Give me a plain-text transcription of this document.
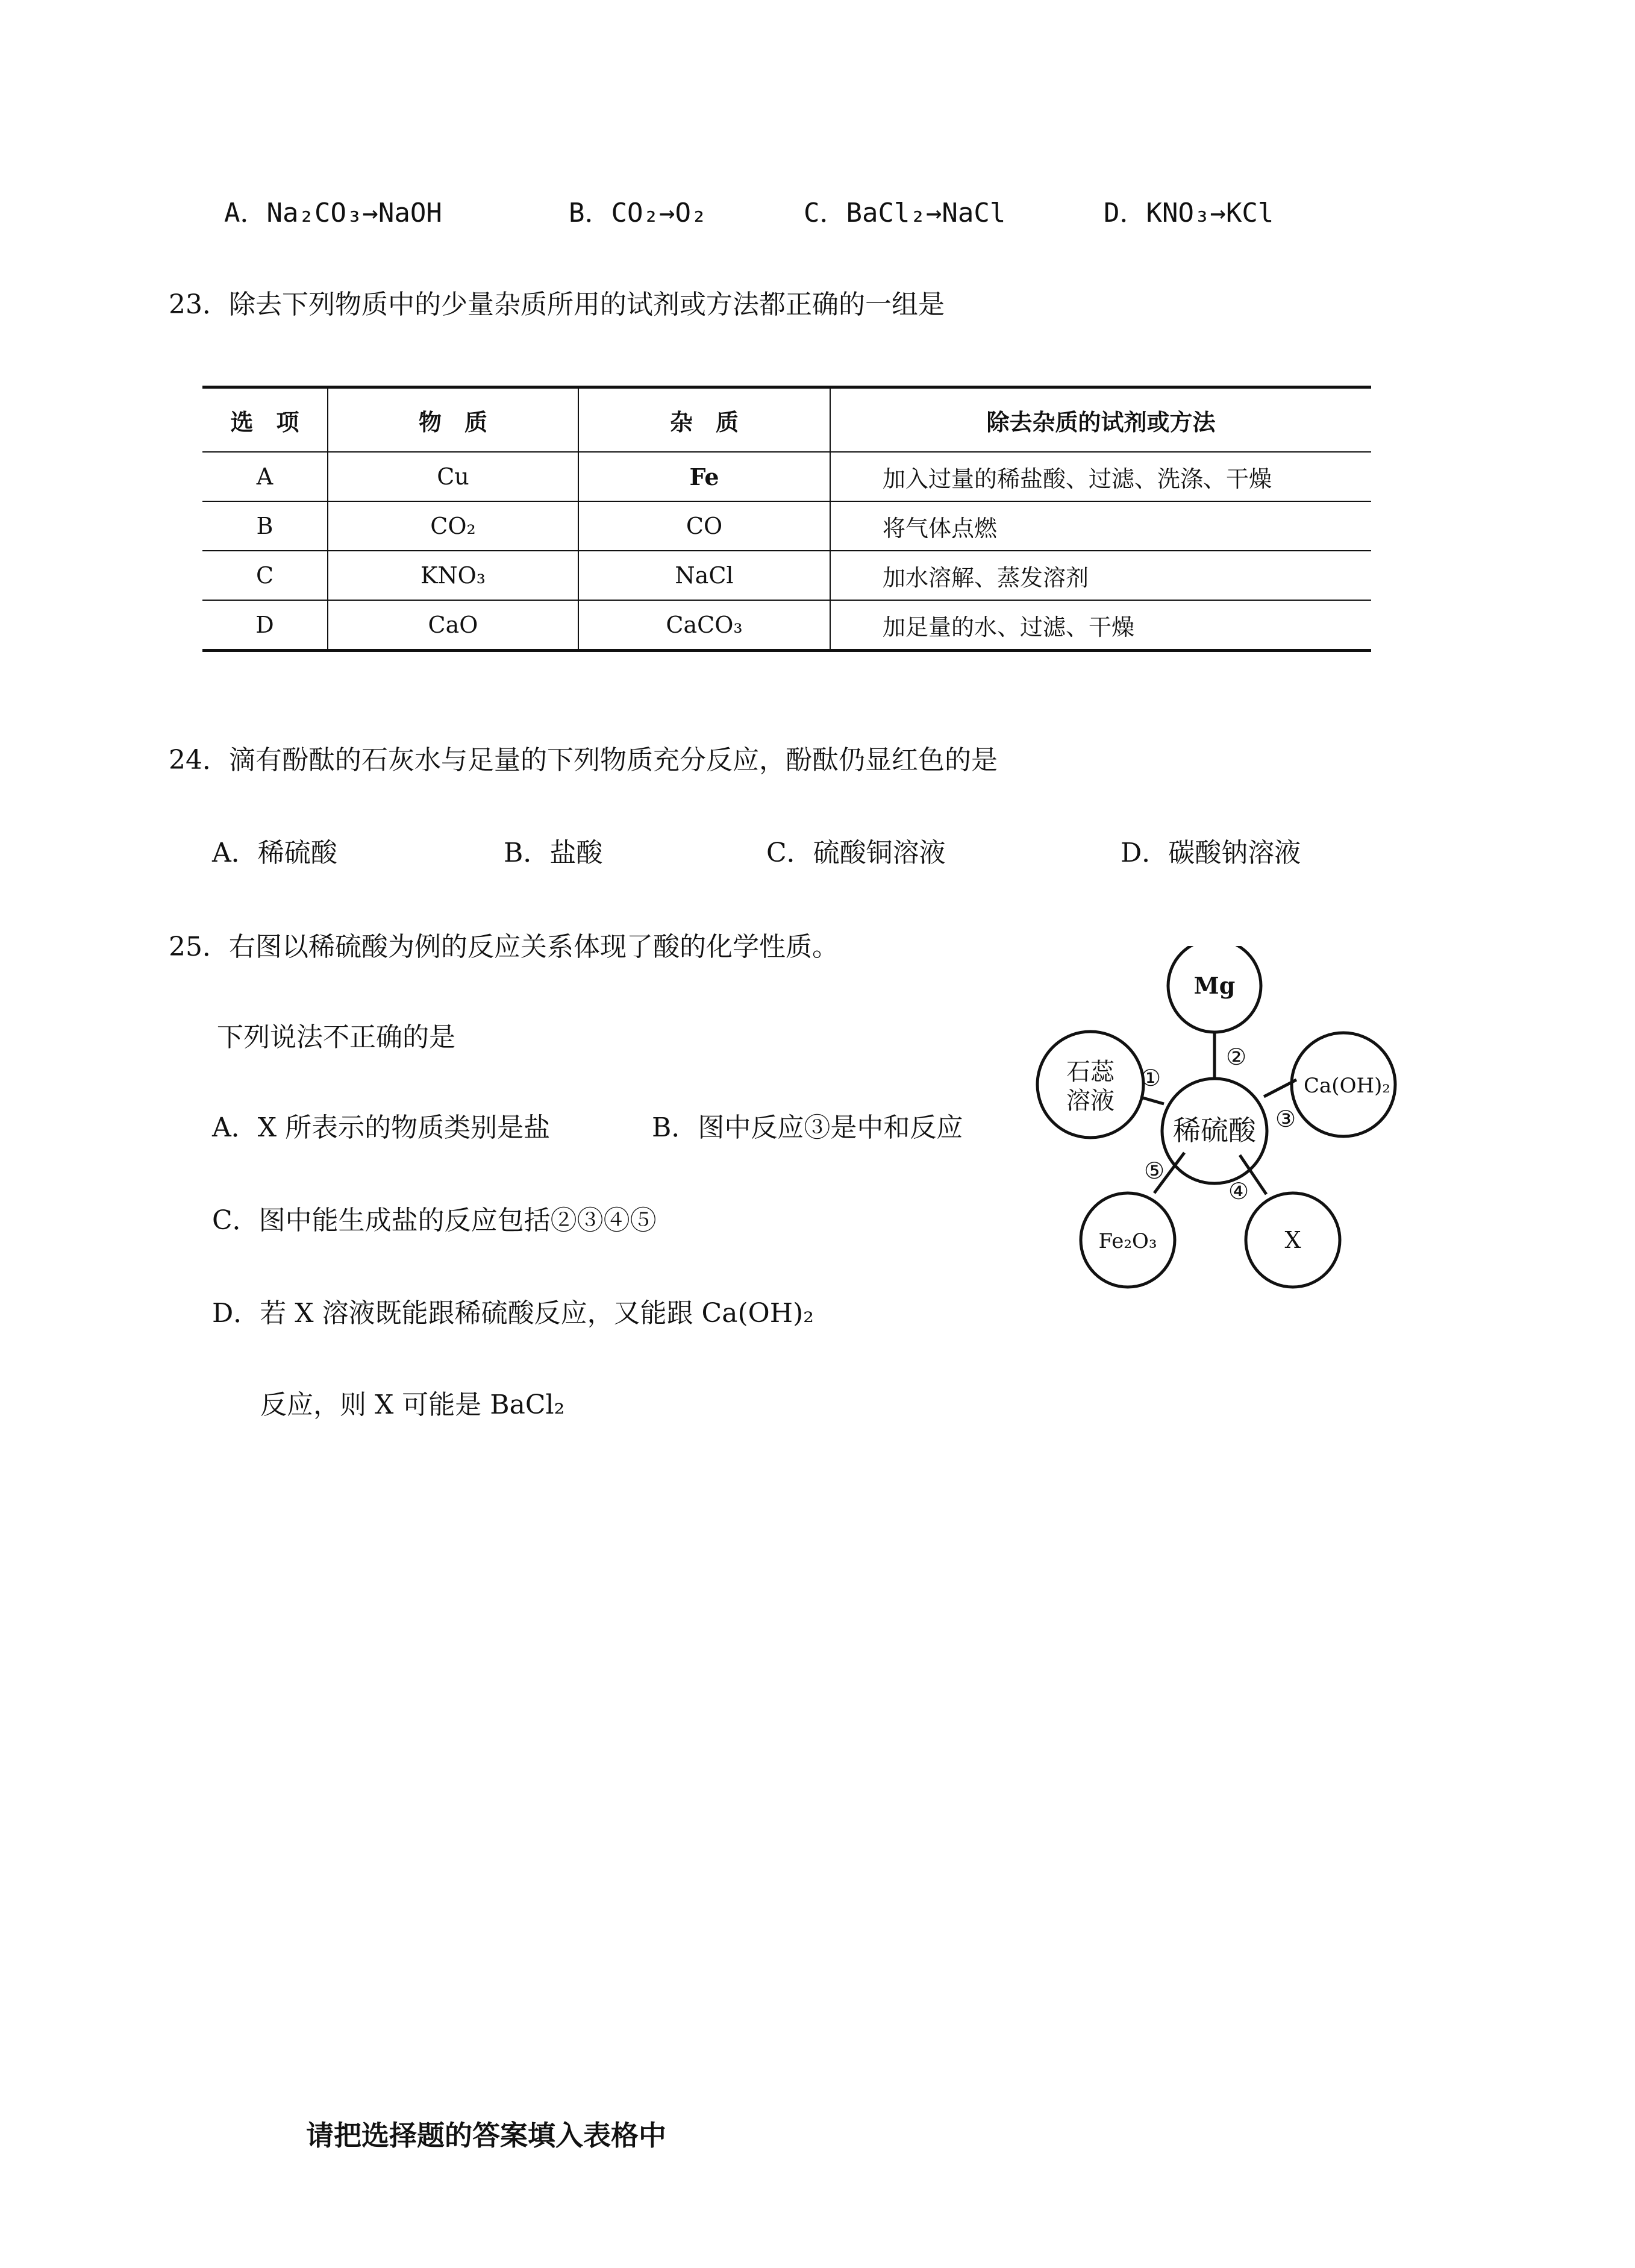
A．Na₂CO₃→NaOH	B．CO₂→O₂	C．BaCl₂→NaCl	D．KNO₃→KCl
23．除去下列物质中的少量杂质所用的试剂或方法都正确的一组是
选　项	物　质	杂　质	除去杂质的试剂或方法
A	Cu	Fe	加入过量的稀盐酸、过滤、洗涤、干燥
B	CO₂	CO	将气体点燃
C	KNO₃	NaCl	加水溶解、蒸发溶剂
D	CaO	CaCO₃	加足量的水、过滤、干燥
24．滴有酚酞的石灰水与足量的下列物质充分反应，酚酞仍显红色的是
A．稀硫酸	B．盐酸	C．硫酸铜溶液	D．碳酸钠溶液
25．右图以稀硫酸为例的反应关系体现了酸的化学性质。
下列说法不正确的是
A．X 所表示的物质类别是盐	B．图中反应③是中和反应
C．图中能生成盐的反应包括②③④⑤
D．若 X 溶液既能跟稀硫酸反应，又能跟 Ca(OH)₂
反应，则 X 可能是 BaCl₂
稀硫酸
Mg
石蕊
溶液
Ca(OH)₂
Fe₂O₃	X
①
②
③
④
⑤
请把选择题的答案填入表格中
